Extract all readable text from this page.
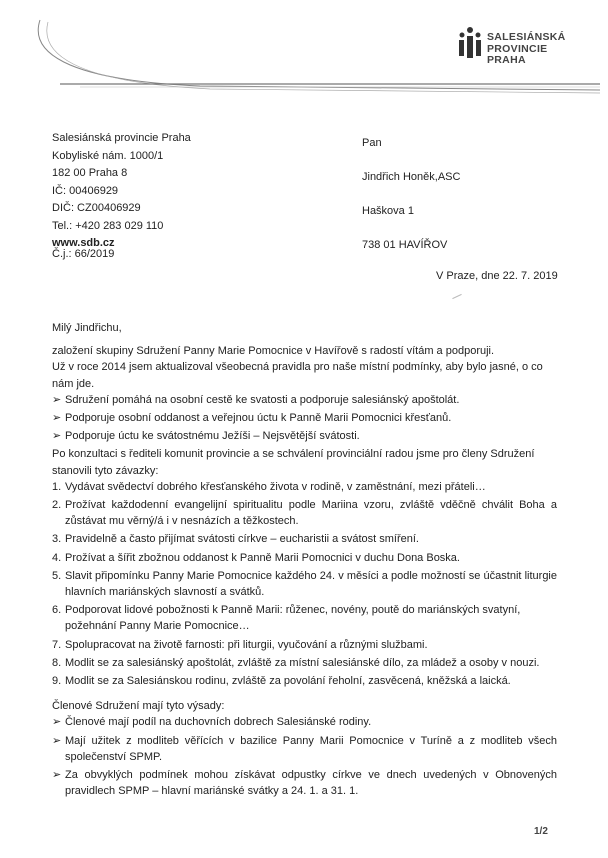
SALESIÁNSKÁ
PROVINCIE
PRAHA
Salesiánská provincie Praha
Kobyliské nám. 1000/1
182 00 Praha 8
IČ: 00406929
DIČ: CZ00406929
Tel.: +420 283 029 110
www.sdb.cz
Č.j.: 66/2019
Pan
Jindřich Honěk,ASC
Haškova 1
738 01 HAVÍŘOV
V Praze, dne 22. 7. 2019

Milý Jindřichu,

založení skupiny Sdružení Panny Marie Pomocnice v Havířově s radostí vítám a podporuji.

Už v roce 2014 jsem aktualizoval všeobecná pravidla pro naše místní podmínky, aby bylo jasné, o co nám jde.

➢ Sdružení pomáhá na osobní cestě ke svatosti a podporuje salesiánský apoštolát.
➢ Podporuje osobní oddanost a veřejnou úctu k Panně Marii Pomocnici křesťanů.
➢ Podporuje úctu ke svátostnému Ježíši – Nejsvětější svátosti.

Po konzultaci s řediteli komunit provincie a se schválení provinciální radou jsme pro členy Sdružení stanovili tyto závazky:

1. Vydávat svědectví dobrého křesťanského života v rodině, v zaměstnání, mezi přáteli…
2. Prožívat každodenní evangelijní spiritualitu podle Mariina vzoru, zvláště vděčně chválit Boha a zůstávat mu věrný/á i v nesnázích a těžkostech.
3. Pravidelně a často přijímat svátosti církve – eucharistii a svátost smíření.
4. Prožívat a šířit zbožnou oddanost k Panně Marii Pomocnici v duchu Dona Boska.
5. Slavit připomínku Panny Marie Pomocnice každého 24. v měsíci a podle možností se účastnit liturgie hlavních mariánských slavností a svátků.
6. Podporovat lidové pobožnosti k Panně Marii: růženec, novény, poutě do mariánských svatyní, požehnání Panny Marie Pomocnice…
7. Spolupracovat na životě farnosti: při liturgii, vyučování a různými službami.
8. Modlit se za salesiánský apoštolát, zvláště za místní salesiánské dílo, za mládež a osoby v nouzi.
9. Modlit se za Salesiánskou rodinu, zvláště za povolání řeholní, zasvěcená, kněžská a laická.

Členové Sdružení mají tyto výsady:

➢ Členové mají podíl na duchovních dobrech Salesiánské rodiny.
➢ Mají užitek z modliteb věřících v bazilice Panny Marii Pomocnice v Turíně a z modliteb všech společenství SPMP.
➢ Za obvyklých podmínek mohou získávat odpustky církve ve dnech uvedených v Obnovených pravidlech SPMP – hlavní mariánské svátky a 24. 1. a 31. 1.
1/2
